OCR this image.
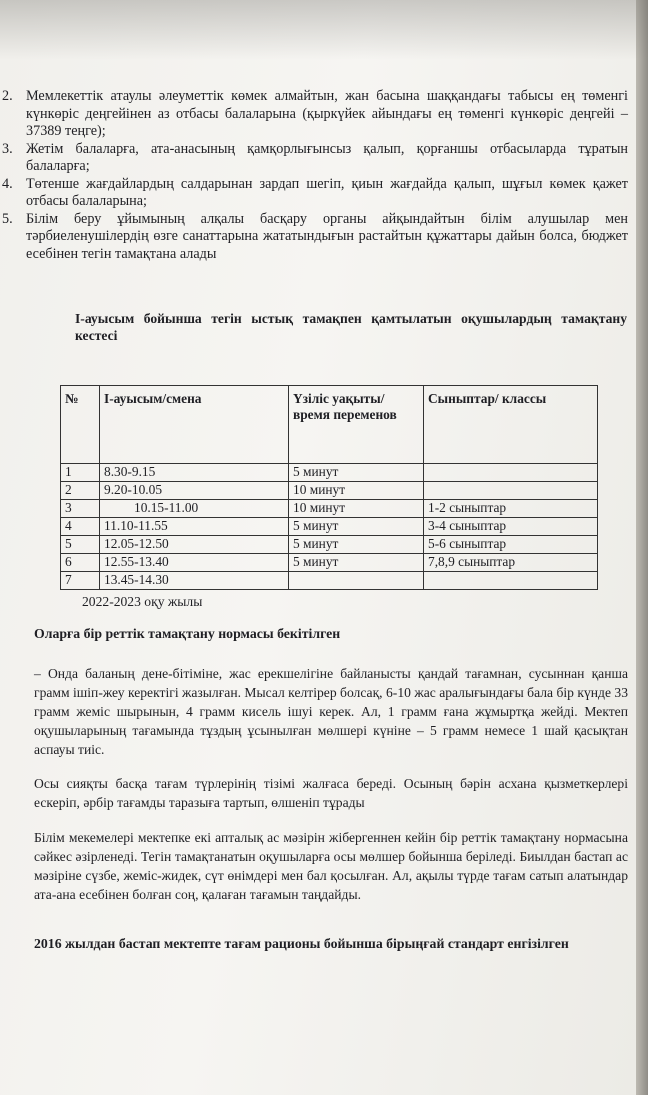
2. Мемлекеттік атаулы әлеуметтік көмек алмайтын, жан басына шаққандағы табысы ең төменгі күнкөріс деңгейінен аз отбасы балаларына (қыркүйек айындағы ең төменгі күнкөріс деңгейі –37389 теңге);
3. Жетім балаларға, ата-анасының қамқорлығынсыз қалып, қорғаншы отбасыларда тұратын балаларға;
4. Төтенше жағдайлардың салдарынан зардап шегіп, қиын жағдайда қалып, шұғыл көмек қажет отбасы балаларына;
5. Білім беру ұйымының алқалы басқару органы айқындайтын білім алушылар мен тәрбиеленушілердің өзге санаттарына жататындығын растайтын құжаттары дайын болса, бюджет есебінен тегін тамақтана алады
І-ауысым бойынша тегін ыстық тамақпен қамтылатын оқушылардың тамақтану кестесі
№	І-ауысым/смена	Үзіліс уақыты/ время переменов	Сыныптар/ классы
1	8.30-9.15	5 минут	
2	9.20-10.05	10 минут	
3	10.15-11.00	10 минут	1-2 сыныптар
4	11.10-11.55	5 минут	3-4 сыныптар
5	12.05-12.50	5 минут	5-6 сыныптар
6	12.55-13.40	5 минут	7,8,9 сыныптар
7	13.45-14.30		
2022-2023 оқу жылы
Оларға бір реттік тамақтану нормасы бекітілген
– Онда баланың дене-бітіміне, жас ерекшелігіне байланысты қандай тағамнан, сусыннан қанша грамм ішіп-жеу керектігі жазылған. Мысал келтірер болсақ, 6-10 жас аралығындағы бала бір күнде 33 грамм жеміс шырынын, 4 грамм кисель ішуі керек. Ал, 1 грамм ғана жұмыртқа жейді. Мектеп оқушыларының тағамында тұздың ұсынылған мөлшері күніне – 5 грамм немесе 1 шай қасықтан аспауы тиіс.
Осы сияқты басқа тағам түрлерінің тізімі жалғаса береді. Осының бәрін асхана қызметкерлері ескеріп, әрбір тағамды таразыға тартып, өлшеніп тұрады
Білім мекемелері мектепке екі апталық ас мәзірін жібергеннен кейін бір реттік тамақтану нормасына сәйкес әзірленеді. Тегін тамақтанатын оқушыларға осы мөлшер бойынша беріледі. Биылдан бастап ас мәзіріне сүзбе, жеміс-жидек, сүт өнімдері мен бал қосылған. Ал, ақылы түрде тағам сатып алатындар ата-ана есебінен болған соң, қалаған тағамын таңдайды.
2016 жылдан бастап мектепте тағам рационы бойынша бірыңғай стандарт енгізілген
